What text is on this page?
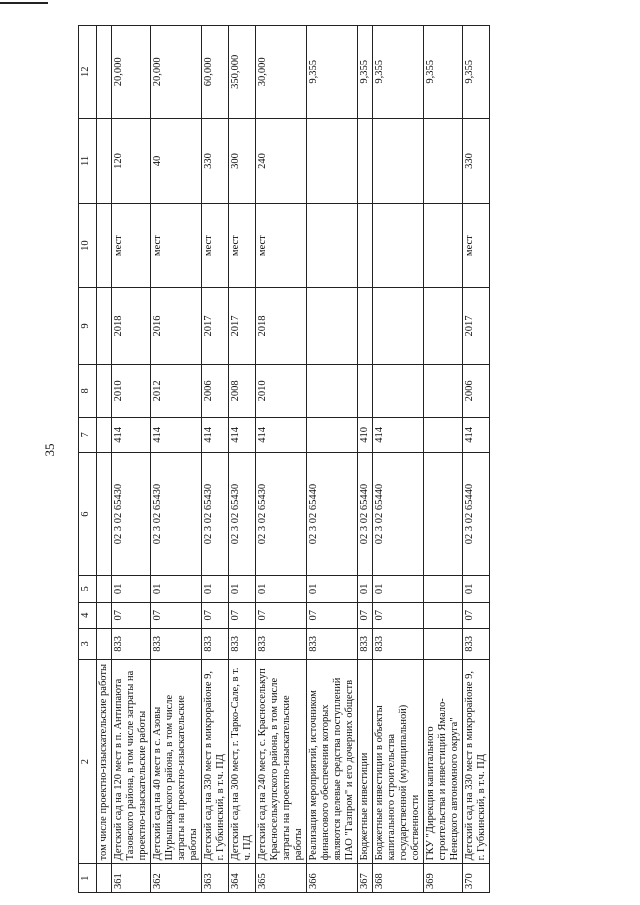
35
1	2	3	4	5	6	7	8	9	10	11	12
	том числе проектно-изыскательские работы										
361	Детский сад на 120 мест в п. Антипаюта Тазовского района, в том числе затраты на проектно-изыскательские работы	833	07	01	02 3 02 65430	414	2010	2018	мест	120	20,000
362	Детский сад на 40 мест в с. Азовы Шурышкарского района, в том числе затраты на проектно-изыскательские работы	833	07	01	02 3 02 65430	414	2012	2016	мест	40	20,000
363	Детский сад на 330 мест в микрорайоне 9, г. Губкинский, в т.ч. ПД	833	07	01	02 3 02 65430	414	2006	2017	мест	330	60,000
364	Детский сад на 300 мест, г. Тарко-Сале, в т. ч. ПД	833	07	01	02 3 02 65430	414	2008	2017	мест	300	350,000
365	Детский сад на 240 мест, с. Красноселькуп Красноселькупского района, в том числе затраты на проектно-изыскательские работы	833	07	01	02 3 02 65430	414	2010	2018	мест	240	30,000
366	Реализация мероприятий, источником финансового обеспечения которых являются целевые средства поступлений ПАО "Газпром" и его дочерних обществ	833	07	01	02 3 02 65440						9,355
367	Бюджетные инвестиции	833	07	01	02 3 02 65440	410					9,355
368	Бюджетные инвестиции в объекты капитального строительства государственной (муниципальной) собственности	833	07	01	02 3 02 65440	414					9,355
369	ГКУ "Дирекция капитального строительства и инвестиций Ямало-Ненецкого автономного округа"										9,355
370	Детский сад на 330 мест в микрорайоне 9, г. Губкинский, в т.ч. ПД	833	07	01	02 3 02 65440	414	2006	2017	мест	330	9,355
